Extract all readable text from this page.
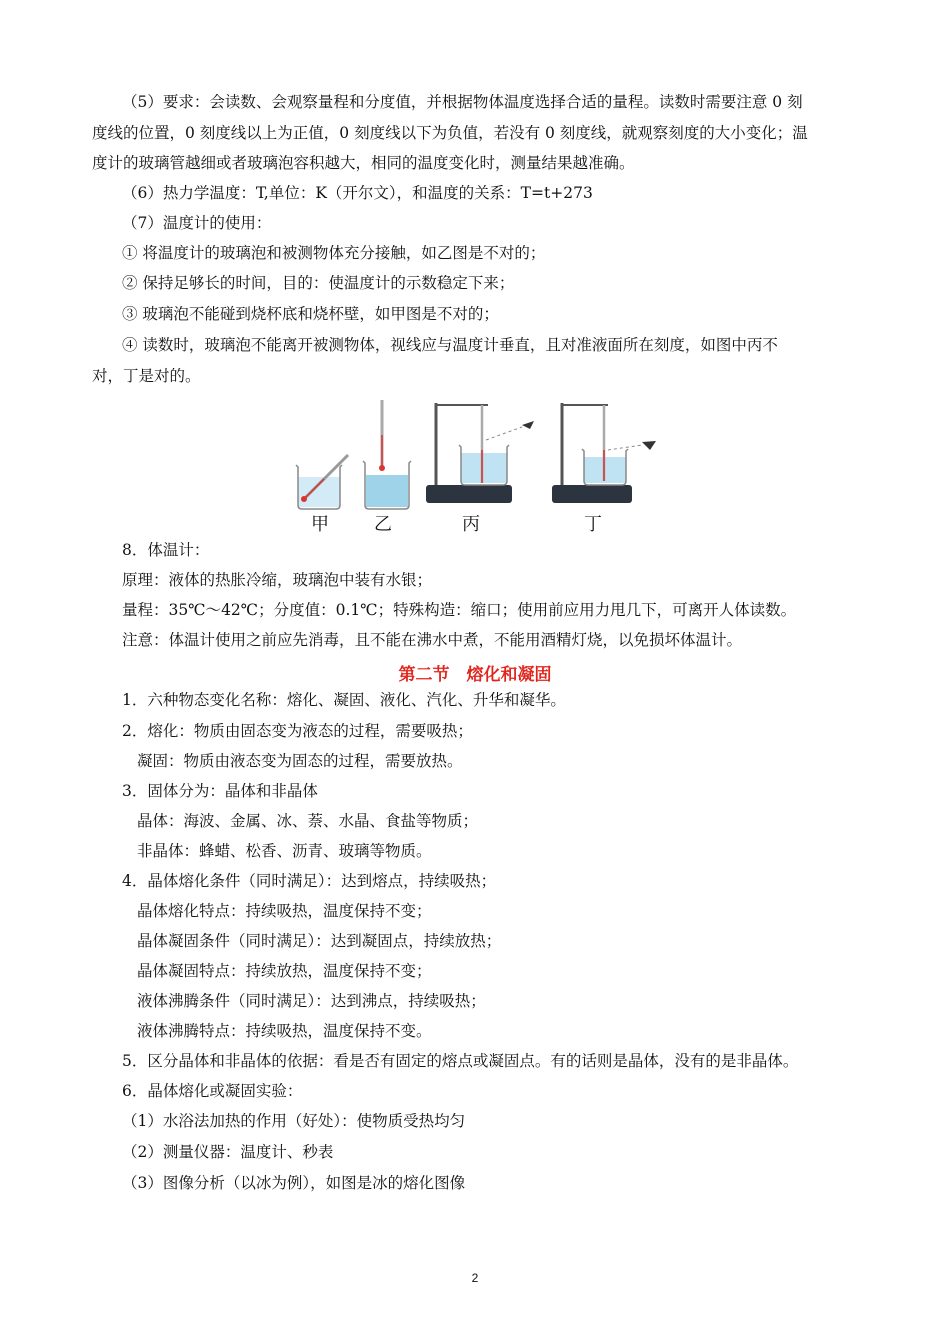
（5）要求：会读数、会观察量程和分度值，并根据物体温度选择合适的量程。读数时需要注意 0 刻
度线的位置，0 刻度线以上为正值，0 刻度线以下为负值，若没有 0 刻度线，就观察刻度的大小变化；温
度计的玻璃管越细或者玻璃泡容积越大，相同的温度变化时，测量结果越准确。
（6）热力学温度：T,单位：K（开尔文），和温度的关系：T=t+273
（7）温度计的使用：
① 将温度计的玻璃泡和被测物体充分接触，如乙图是不对的；
② 保持足够长的时间，目的：使温度计的示数稳定下来；
③ 玻璃泡不能碰到烧杯底和烧杯壁，如甲图是不对的；
④ 读数时，玻璃泡不能离开被测物体，视线应与温度计垂直，且对准液面所在刻度，如图中丙不
对，丁是对的。
甲	乙	丙	丁
8．体温计：
原理：液体的热胀冷缩，玻璃泡中装有水银；
量程：35℃～42℃；分度值：0.1℃；特殊构造：缩口；使用前应用力甩几下，可离开人体读数。
注意：体温计使用之前应先消毒，且不能在沸水中煮，不能用酒精灯烧，以免损坏体温计。
第二节　熔化和凝固
1．六种物态变化名称：熔化、凝固、液化、汽化、升华和凝华。
2．熔化：物质由固态变为液态的过程，需要吸热；
凝固：物质由液态变为固态的过程，需要放热。
3．固体分为：晶体和非晶体
晶体：海波、金属、冰、萘、水晶、食盐等物质；
非晶体：蜂蜡、松香、沥青、玻璃等物质。
4．晶体熔化条件（同时满足）：达到熔点，持续吸热；
晶体熔化特点：持续吸热，温度保持不变；
晶体凝固条件（同时满足）：达到凝固点，持续放热；
晶体凝固特点：持续放热，温度保持不变；
液体沸腾条件（同时满足）：达到沸点，持续吸热；
液体沸腾特点：持续吸热，温度保持不变。
5．区分晶体和非晶体的依据：看是否有固定的熔点或凝固点。有的话则是晶体，没有的是非晶体。
6．晶体熔化或凝固实验：
（1）水浴法加热的作用（好处）：使物质受热均匀
（2）测量仪器：温度计、秒表
（3）图像分析（以冰为例），如图是冰的熔化图像
2
